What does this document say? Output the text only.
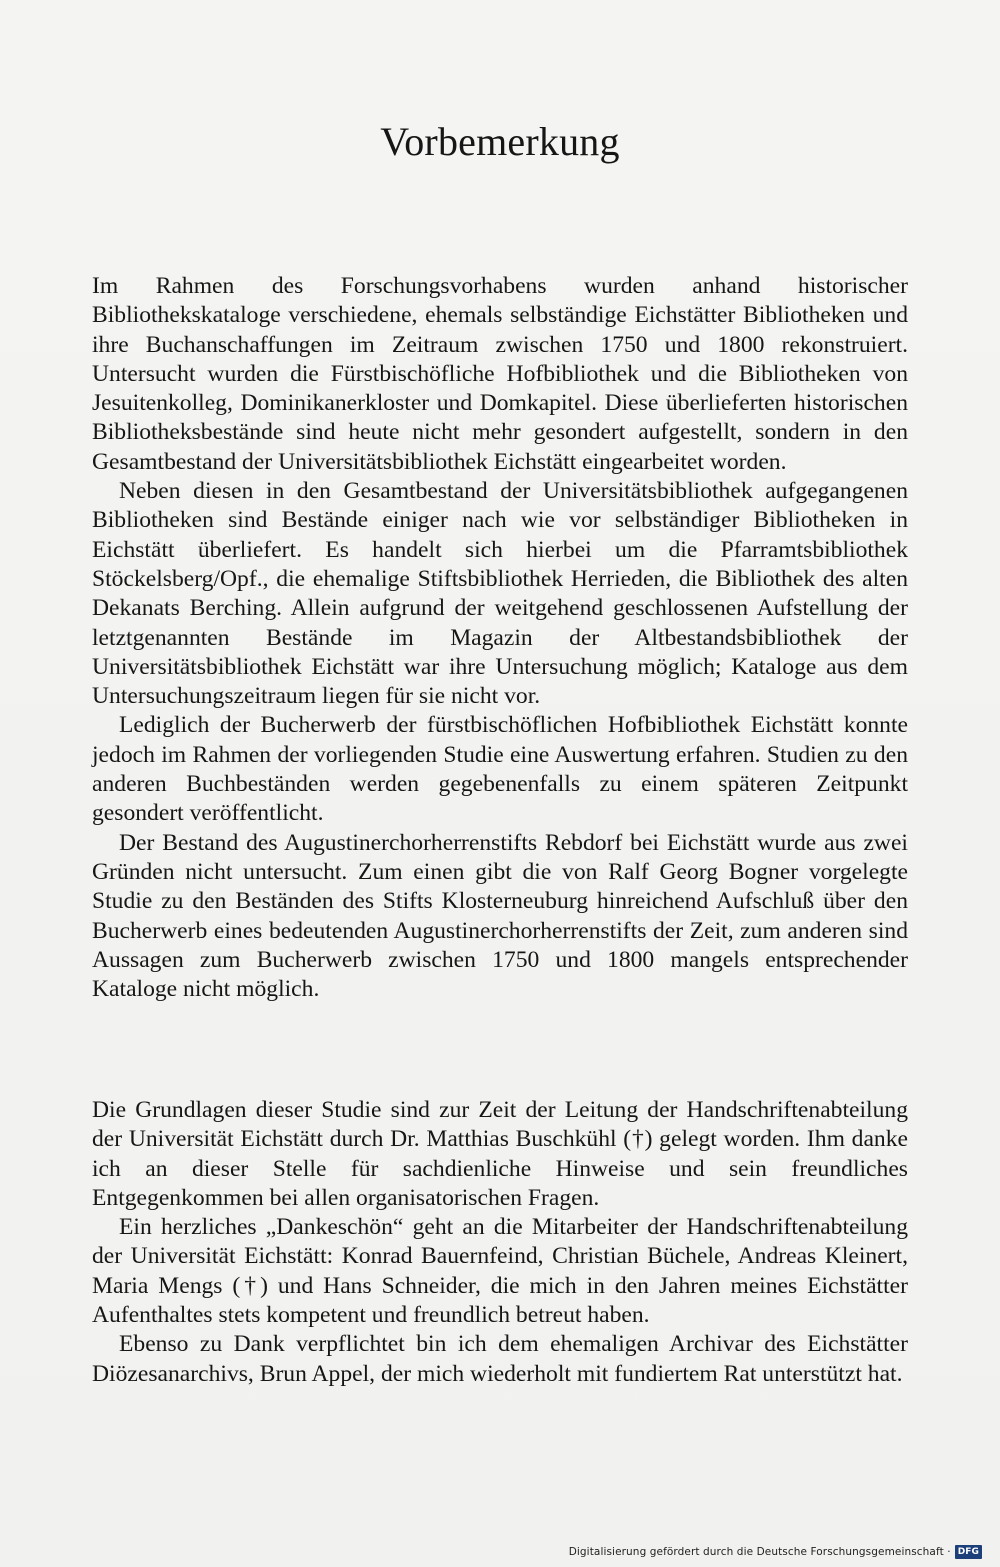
Vorbemerkung

Im Rahmen des Forschungsvorhabens wurden anhand historischer Bibliothekskataloge verschiedene, ehemals selbständige Eichstätter Bibliotheken und ihre Buchanschaffungen im Zeitraum zwischen 1750 und 1800 rekonstruiert. Untersucht wurden die Fürstbischöfliche Hofbibliothek und die Bibliotheken von Jesuitenkolleg, Dominikanerkloster und Domkapitel. Diese überlieferten historischen Bibliotheksbestände sind heute nicht mehr gesondert aufgestellt, sondern in den Gesamtbestand der Universitätsbibliothek Eichstätt eingearbeitet worden.

Neben diesen in den Gesamtbestand der Universitätsbibliothek aufgegangenen Bibliotheken sind Bestände einiger nach wie vor selbständiger Bibliotheken in Eichstätt überliefert. Es handelt sich hierbei um die Pfarramtsbibliothek Stöckelsberg/Opf., die ehemalige Stiftsbibliothek Herrieden, die Bibliothek des alten Dekanats Berching. Allein aufgrund der weitgehend geschlossenen Aufstellung der letztgenannten Bestände im Magazin der Altbestandsbibliothek der Universitätsbibliothek Eichstätt war ihre Untersuchung möglich; Kataloge aus dem Untersuchungszeitraum liegen für sie nicht vor.

Lediglich der Bucherwerb der fürstbischöflichen Hofbibliothek Eichstätt konnte jedoch im Rahmen der vorliegenden Studie eine Auswertung erfahren. Studien zu den anderen Buchbeständen werden gegebenenfalls zu einem späteren Zeitpunkt gesondert veröffentlicht.

Der Bestand des Augustinerchorherrenstifts Rebdorf bei Eichstätt wurde aus zwei Gründen nicht untersucht. Zum einen gibt die von Ralf Georg Bogner vorgelegte Studie zu den Beständen des Stifts Klosterneuburg hinreichend Aufschluß über den Bucherwerb eines bedeutenden Augustinerchorherrenstifts der Zeit, zum anderen sind Aussagen zum Bucherwerb zwischen 1750 und 1800 mangels entsprechender Kataloge nicht möglich.

Die Grundlagen dieser Studie sind zur Zeit der Leitung der Handschriftenabteilung der Universität Eichstätt durch Dr. Matthias Buschkühl (†) gelegt worden. Ihm danke ich an dieser Stelle für sachdienliche Hinweise und sein freundliches Entgegenkommen bei allen organisatorischen Fragen.

Ein herzliches „Dankeschön“ geht an die Mitarbeiter der Handschriftenabteilung der Universität Eichstätt: Konrad Bauernfeind, Christian Büchele, Andreas Kleinert, Maria Mengs (†) und Hans Schneider, die mich in den Jahren meines Eichstätter Aufenthaltes stets kompetent und freundlich betreut haben.

Ebenso zu Dank verpflichtet bin ich dem ehemaligen Archivar des Eichstätter Diözesanarchivs, Brun Appel, der mich wiederholt mit fundiertem Rat unterstützt hat.

Digitalisierung gefördert durch die Deutsche Forschungsgemeinschaft · DFG
